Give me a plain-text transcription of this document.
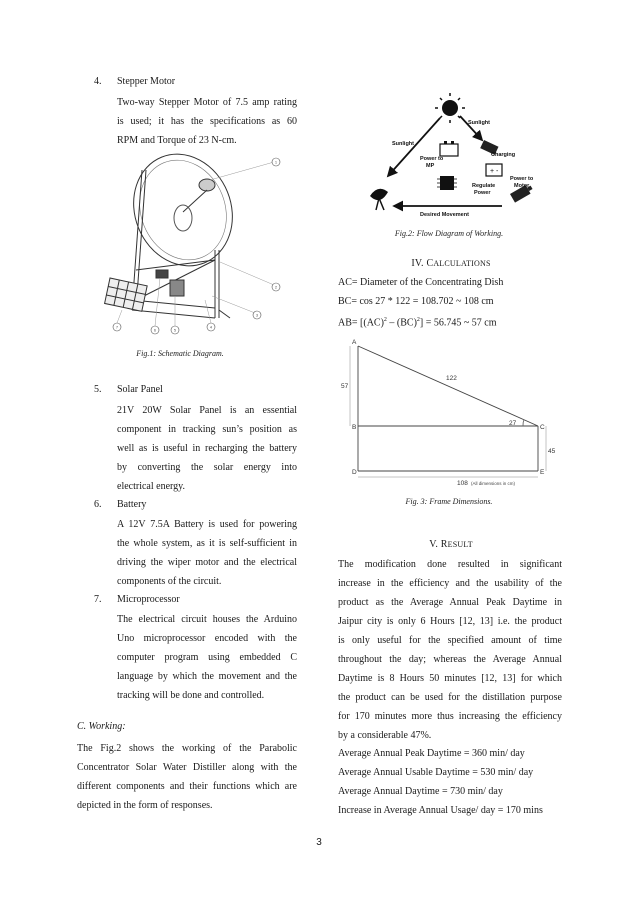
4. Stepper Motor
Two-way Stepper Motor of 7.5 amp rating
is used; it has the specifications as 60
RPM and Torque of 23 N-cm.
1
2
3
4
5
6
7
Fig.1: Schematic Diagram.
5. Solar Panel
21V 20W Solar Panel is an essential
component in tracking sun’s position as
well as is useful in recharging the battery
by converting the solar energy into
electrical energy.
6. Battery
A 12V 7.5A Battery is used for powering
the whole system, as it is self-sufficient in
driving the wiper motor and the electrical
components of the circuit.
7. Microprocessor
The electrical circuit houses the Arduino
Uno microprocessor encoded with the
computer program using embedded C
language by which the movement and the
tracking will be done and controlled.
C. Working:
The Fig.2 shows the working of the Parabolic
Concentrator Solar Water Distiller along with the
different components and their functions which are
depicted in the form of responses.
+ -
Sunlight
Sunlight
Charging
Power to
MP
Regulate
Power
Power to
Motor
Desired Movement
Fig.2: Flow Diagram of Working.
IV. CALCULATIONS
AC= Diameter of the Concentrating Dish
BC= cos 27 * 122 = 108.702 ~ 108 cm
AB= [(AC)$^2$ – (BC)$^2$] = 56.745 ~ 57 cm
A
B	C
D	E
57
122
27
45
108 (All dimensions in cm)
Fig. 3: Frame Dimensions.
V. RESULT
The modification done resulted in significant
increase in the efficiency and the usability of the
product as the Average Annual Peak Daytime in
Jaipur city is only 6 Hours [12, 13] i.e. the product
is only useful for the specified amount of time
throughout the day; whereas the Average Annual
Daytime is 8 Hours 50 minutes [12, 13] for which
the product can be used for the distillation purpose
for 170 minutes more thus increasing the efficiency
by a considerable 47%.
Average Annual Peak Daytime = 360 min/ day
Average Annual Usable Daytime = 530 min/ day
Average Annual Daytime = 730 min/ day
Increase in Average Annual Usage/ day = 170 mins
3
